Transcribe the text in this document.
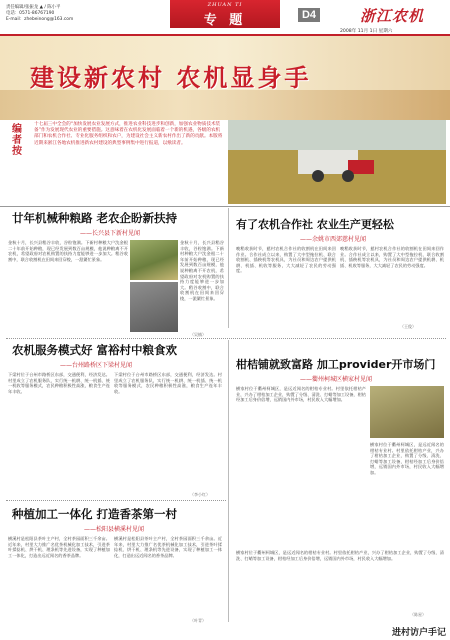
责任编辑/张振龙 ▲ / 陈小平
电话：0571-86767190
E-mail：zhebeinong@163.com
ZHUAN TI
专 题	D4	浙江农机
2008年 11月 1日 星期六
建设新农村 农机显身手
编者按
十七届三中全会的“加快发展农业发展方式，推进农业科技进步和创新，加强农业物质技术装备”作为发展现代农业的重要措施。这意味着在农机化发展面临着一个新的机遇，各级的农机部门和农机合作社、专业化服务组织和农户，为建设社会主义新农村作出了新的贡献。本版将近期来浙江各地农机推进新农村建设的典型事例集中进行报道，以飨读者。
廿年机械种粮路 老农企盼新扶持
——长兴县下新村见闻
金秋十月，长兴县稻谷丰收，谷粒饱满。下新村种粮大户沈金根二十年前开始种粮，现已经发展到数百亩规模，他说种粮离不开农机，希望政府对农机购置的扶持力度能够进一步加大。稻谷收割中，联合收割机在田间来回穿梭，一派繁忙景象。
金秋十月，长兴县稻谷丰收，谷粒饱满。下新村种粮大户沈金根二十年前开始种粮，现已经发展到数百亩规模，他说种粮离不开农机，希望政府对农机购置的扶持力度能够进一步加大。稻谷收割中，联合收割机在田间来回穿梭，一派繁忙景象。
（吴楠）
有了农机合作社 农业生产更轻松
——余姚市西郊慈村见闻
晚稻收获时节，慈村农机合作社的收割机在田间来回作业。合作社成立以来，购置了大中型拖拉机、联合收割机、插秧机等农机具，为社员和周边农户提供机耕、机插、机收等服务，大大减轻了农民的劳动强度。
晚稻收获时节，慈村农机合作社的收割机在田间来回作业。合作社成立以来，购置了大中型拖拉机、联合收割机、插秧机等农机具，为社员和周边农户提供机耕、机插、机收等服务，大大减轻了农民的劳动强度。
（王俊）
农机服务模式好 富裕村中粮食欢
——台州路桥区下梁村见闻
下梁村位于台州市路桥区东部，交通便利，经济发达。村里成立了农机服务队，实行统一机耕、统一机插、统一机收等服务模式，农民种粮积极性高涨，粮食生产连年丰收。
下梁村位于台州市路桥区东部，交通便利，经济发达。村里成立了农机服务队，实行统一机耕、统一机插、统一机收等服务模式，农民种粮积极性高涨，粮食生产连年丰收。
（李小红）
柑桔铺就致富路 加工provider开市场门
——衢州柯城区横家村见闻
横家村位于衢州柯城区，是远近闻名的柑桔专业村。村里依托柑桔产业，兴办了柑桔加工企业，购置了分级、清洗、打蜡等加工设备，柑桔经加工后身价倍增，远销国内外市场，村民收入大幅增加。
横家村位于衢州柯城区，是远近闻名的柑桔专业村。村里依托柑桔产业，兴办了柑桔加工企业，购置了分级、清洗、打蜡等加工设备，柑桔经加工后身价倍增，远销国内外市场，村民收入大幅增加。
横家村位于衢州柯城区，是远近闻名的柑桔专业村。村里依托柑桔产业，兴办了柑桔加工企业，购置了分级、清洗、打蜡等加工设备，柑桔经加工后身价倍增，远销国内外市场，村民收入大幅增加。
（陈星）
种植加工一体化 打造香茶第一村
——松阳县横溪村见闻
横溪村是松阳县茶叶主产村，全村茶园面积三千余亩。近年来，村里大力推广名优茶机械化加工技术，引进茶叶揉捻机、烘干机、理条机等先进设备，实现了种植加工一体化，打造出远近闻名的香茶品牌。
横溪村是松阳县茶叶主产村，全村茶园面积三千余亩。近年来，村里大力推广名优茶机械化加工技术，引进茶叶揉捻机、烘干机、理条机等先进设备，实现了种植加工一体化，打造出远近闻名的香茶品牌。
（叶青）
进村访户手记
